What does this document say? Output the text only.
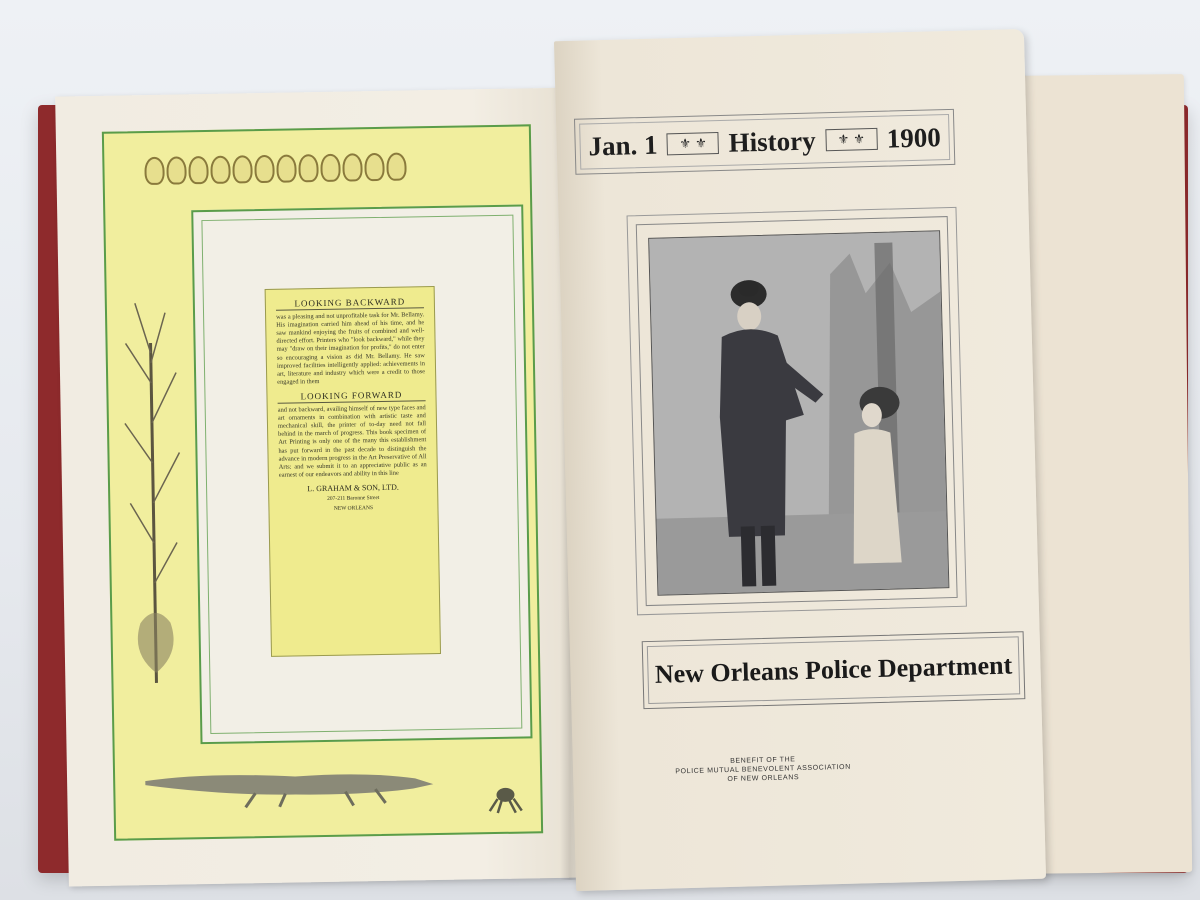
LOOKING BACKWARD
was a pleasing and not unprofitable task for Mr. Bellamy. His imagination carried him ahead of his time, and he saw mankind enjoying the fruits of combined and well-directed effort. Printers who "look backward," while they may "draw on their imagination for profits," do not enter so encouraging a vision as did Mr. Bellamy. He saw improved facilities intelligently applied: achievements in art, literature and industry which were a credit to those engaged in them
LOOKING FORWARD
and not backward, availing himself of new type faces and art ornaments in combination with artistic taste and mechanical skill, the printer of to-day need not fall behind in the march of progress. This book specimen of Art Printing is only one of the many this establishment has put forward in the past decade to distinguish the advance in modern progress in the Art Preservative of All Arts: and we submit it to an appreciative public as an earnest of our endeavors and ability in this line
L. GRAHAM & SON, LTD.
207-211 Baronne Street
NEW ORLEANS
Jan. 1 ⚜ ⚜ History ⚜ ⚜ 1900
New Orleans Police Department
BENEFIT OF THE
POLICE MUTUAL BENEVOLENT ASSOCIATION
OF NEW ORLEANS
